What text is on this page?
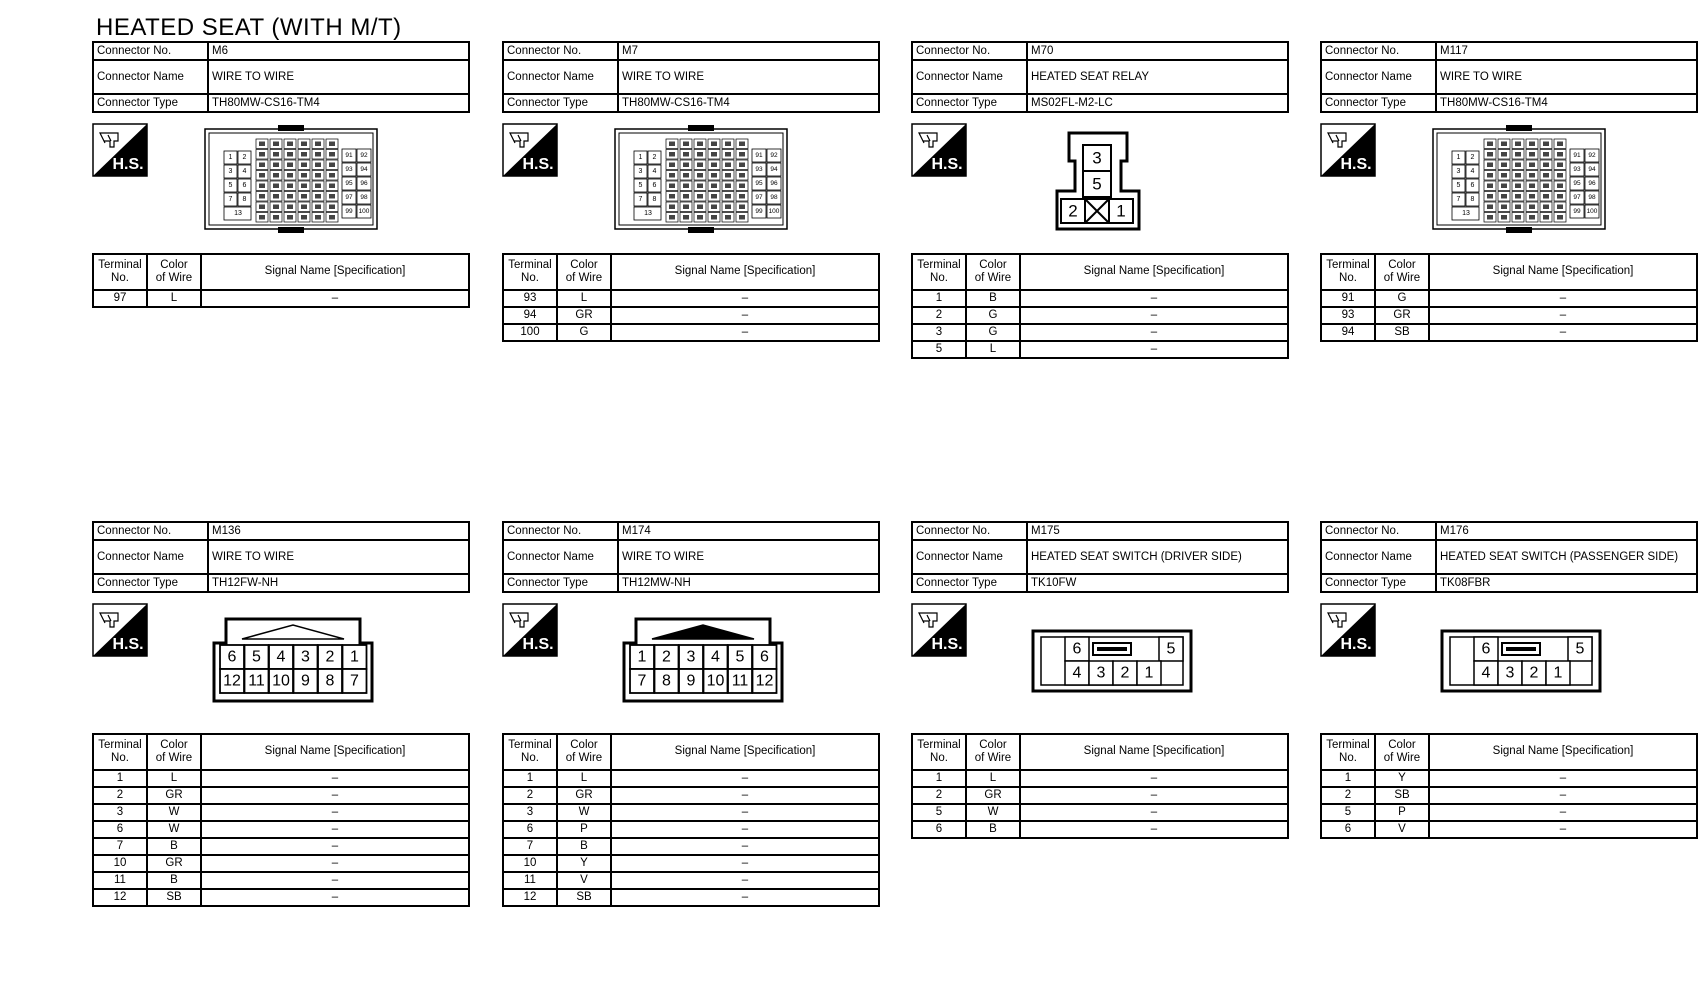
HEATED SEAT (WITH M/T)
Connector No.	M6
Connector Name	WIRE TO WIRE
Connector Type	TH80MW-CS16-TM4
H.S.	1 2
3 4
5 6
7 8
13
91 92
93 94
95 96
97 98
99 100
Terminal
No.	Color
of Wire	Signal Name [Specification]
97	L	–
Connector No.	M7
Connector Name	WIRE TO WIRE
Connector Type	TH80MW-CS16-TM4
H.S.	1 2
3 4
5 6
7 8
13
91 92
93 94
95 96
97 98
99 100
Terminal
No.	Color
of Wire	Signal Name [Specification]
93	L	–
94	GR	–
100	G	–
Connector No.	M70
Connector Name	HEATED SEAT RELAY
Connector Type	MS02FL-M2-LC
H.S.	3
5
2 1
Terminal
No.	Color
of Wire	Signal Name [Specification]
1	B	–
2	G	–
3	G	–
5	L	–
Connector No.	M117
Connector Name	WIRE TO WIRE
Connector Type	TH80MW-CS16-TM4
H.S.	1 2
3 4
5 6
7 8
13
91 92
93 94
95 96
97 98
99 100
Terminal
No.	Color
of Wire	Signal Name [Specification]
91	G	–
93	GR	–
94	SB	–
Connector No.	M136
Connector Name	WIRE TO WIRE
Connector Type	TH12FW-NH
H.S.
6
12
5
11
4
10
3
9
2
8
1
7
Terminal
No.	Color
of Wire	Signal Name [Specification]
1	L	–
2	GR	–
3	W	–
6	W	–
7	B	–
10	GR	–
11	B	–
12	SB	–
Connector No.	M174
Connector Name	WIRE TO WIRE
Connector Type	TH12MW-NH
H.S.
1
7
2
8
3
9
4
10
5
11
6
12
Terminal
No.	Color
of Wire	Signal Name [Specification]
1	L	–
2	GR	–
3	W	–
6	P	–
7	B	–
10	Y	–
11	V	–
12	SB	–
Connector No.	M175
Connector Name	HEATED SEAT SWITCH (DRIVER SIDE)
Connector Type	TK10FW
H.S.	6	5
4 3 2 1
Terminal
No.	Color
of Wire	Signal Name [Specification]
1	L	–
2	GR	–
5	W	–
6	B	–
Connector No.	M176
Connector Name	HEATED SEAT SWITCH (PASSENGER SIDE)
Connector Type	TK08FBR
H.S.	6	5
4 3 2 1
Terminal
No.	Color
of Wire	Signal Name [Specification]
1	Y	–
2	SB	–
5	P	–
6	V	–
